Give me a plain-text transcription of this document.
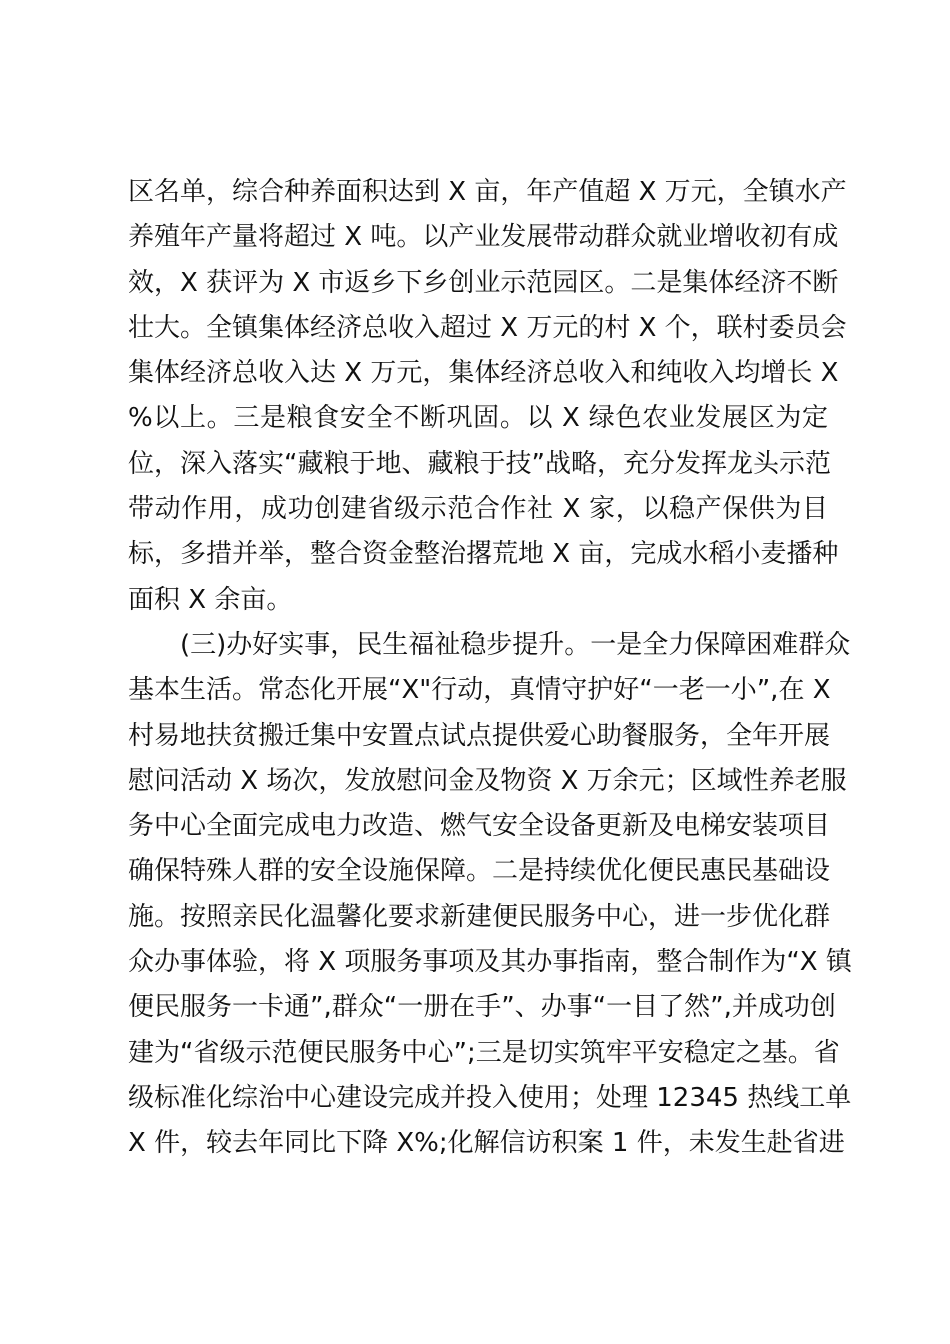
区名单，综合种养面积达到 X 亩，年产值超 X 万元，全镇水产
养殖年产量将超过 X 吨。以产业发展带动群众就业增收初有成
效，X 获评为 X 市返乡下乡创业示范园区。二是集体经济不断
壮大。全镇集体经济总收入超过 X 万元的村 X 个，联村委员会
集体经济总收入达 X 万元，集体经济总收入和纯收入均增长 X
%以上。三是粮食安全不断巩固。以 X 绿色农业发展区为定
位，深入落实“藏粮于地、藏粮于技”战略，充分发挥龙头示范
带动作用，成功创建省级示范合作社 X 家，以稳产保供为目
标，多措并举，整合资金整治撂荒地 X 亩，完成水稻小麦播种
面积 X 余亩。
(三)办好实事，民生福祉稳步提升。一是全力保障困难群众
基本生活。常态化开展“X"行动，真情守护好“一老一小”,在 X
村易地扶贫搬迁集中安置点试点提供爱心助餐服务，全年开展
慰问活动 X 场次，发放慰问金及物资 X 万余元；区域性养老服
务中心全面完成电力改造、燃气安全设备更新及电梯安装项目
确保特殊人群的安全设施保障。二是持续优化便民惠民基础设
施。按照亲民化温馨化要求新建便民服务中心，进一步优化群
众办事体验，将 X 项服务事项及其办事指南，整合制作为“X 镇
便民服务一卡通”,群众“一册在手”、办事“一目了然”,并成功创
建为“省级示范便民服务中心”;三是切实筑牢平安稳定之基。省
级标准化综治中心建设完成并投入使用；处理 12345 热线工单
X 件，较去年同比下降 X%;化解信访积案 1 件，未发生赴省进
